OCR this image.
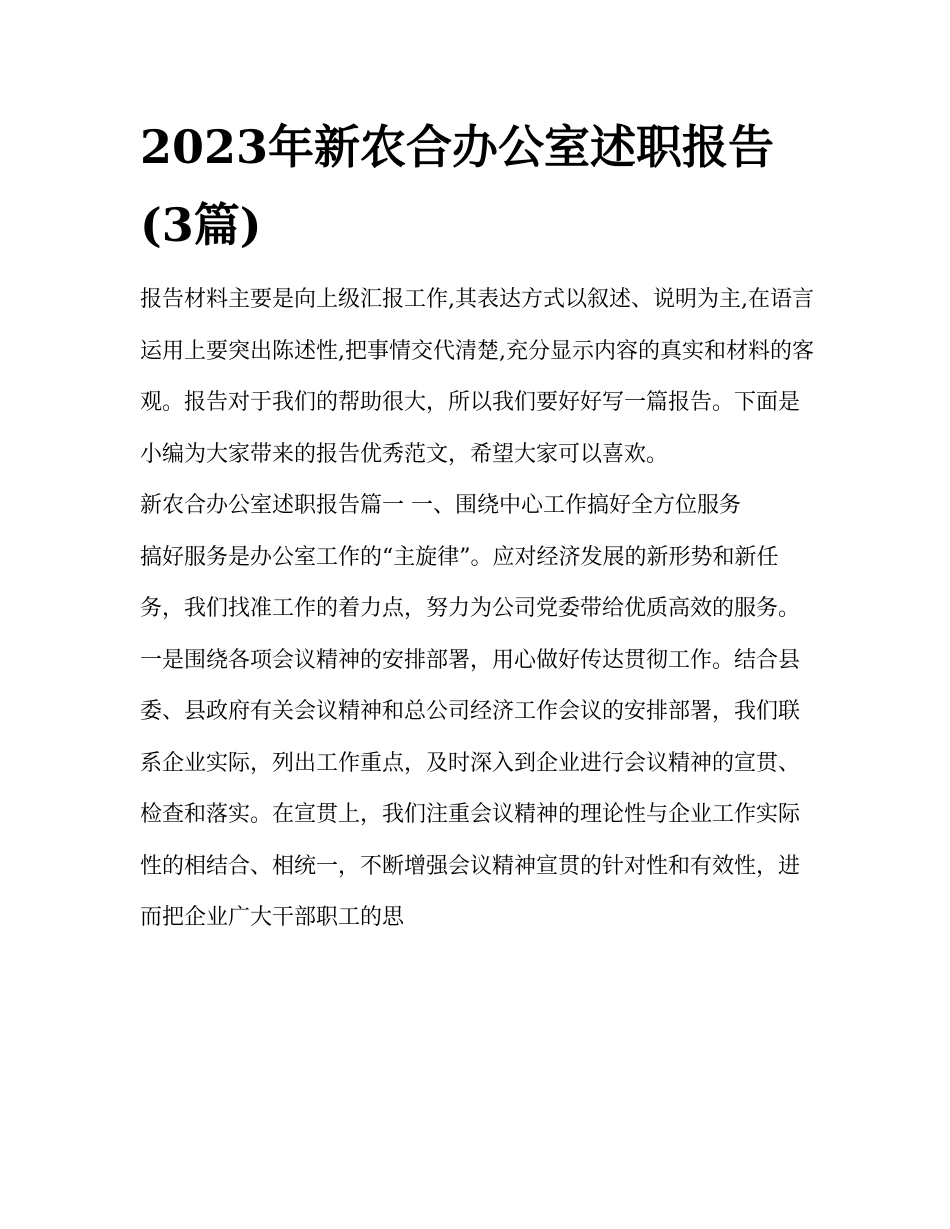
2023年新农合办公室述职报告(3篇)

报告材料主要是向上级汇报工作,其表达方式以叙述、说明为主,在语言运用上要突出陈述性,把事情交代清楚,充分显示内容的真实和材料的客观。报告对于我们的帮助很大，所以我们要好好写一篇报告。下面是小编为大家带来的报告优秀范文，希望大家可以喜欢。

新农合办公室述职报告篇一 一、围绕中心工作搞好全方位服务

搞好服务是办公室工作的“主旋律”。应对经济发展的新形势和新任务，我们找准工作的着力点，努力为公司党委带给优质高效的服务。

一是围绕各项会议精神的安排部署，用心做好传达贯彻工作。结合县委、县政府有关会议精神和总公司经济工作会议的安排部署，我们联系企业实际，列出工作重点，及时深入到企业进行会议精神的宣贯、检查和落实。在宣贯上，我们注重会议精神的理论性与企业工作实际性的相结合、相统一，不断增强会议精神宣贯的针对性和有效性，进而把企业广大干部职工的思
